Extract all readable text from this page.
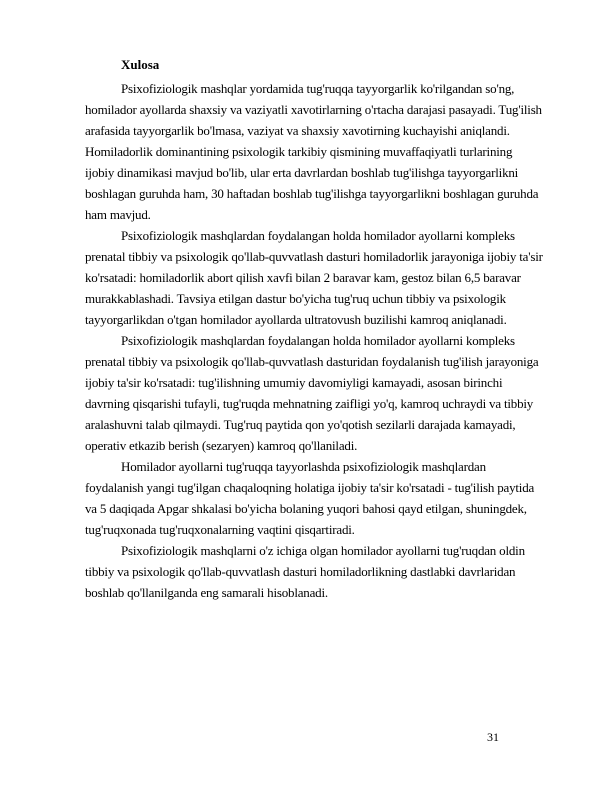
Xulosa

Psixofiziologik mashqlar yordamida tug'ruqqa tayyorgarlik ko'rilgandan so'ng, homilador ayollarda shaxsiy va vaziyatli xavotirlarning o'rtacha darajasi pasayadi. Tug'ilish arafasida tayyorgarlik bo'lmasa, vaziyat va shaxsiy xavotirning kuchayishi aniqlandi. Homiladorlik dominantining psixologik tarkibiy qismining muvaffaqiyatli turlarining ijobiy dinamikasi mavjud bo'lib, ular erta davrlardan boshlab tug'ilishga tayyorgarlikni boshlagan guruhda ham, 30 haftadan boshlab tug'ilishga tayyorgarlikni boshlagan guruhda ham mavjud.

Psixofiziologik mashqlardan foydalangan holda homilador ayollarni kompleks prenatal tibbiy va psixologik qo'llab-quvvatlash dasturi homiladorlik jarayoniga ijobiy ta'sir ko'rsatadi: homiladorlik abort qilish xavfi bilan 2 baravar kam, gestoz bilan 6,5 baravar murakkablashadi. Tavsiya etilgan dastur bo'yicha tug'ruq uchun tibbiy va psixologik tayyorgarlikdan o'tgan homilador ayollarda ultratovush buzilishi kamroq aniqlanadi.

Psixofiziologik mashqlardan foydalangan holda homilador ayollarni kompleks prenatal tibbiy va psixologik qo'llab-quvvatlash dasturidan foydalanish tug'ilish jarayoniga ijobiy ta'sir ko'rsatadi: tug'ilishning umumiy davomiyligi kamayadi, asosan birinchi davrning qisqarishi tufayli, tug'ruqda mehnatning zaifligi yo'q, kamroq uchraydi va tibbiy aralashuvni talab qilmaydi. Tug'ruq paytida qon yo'qotish sezilarli darajada kamayadi, operativ etkazib berish (sezaryen) kamroq qo'llaniladi.

Homilador ayollarni tug'ruqqa tayyorlashda psixofiziologik mashqlardan foydalanish yangi tug'ilgan chaqaloqning holatiga ijobiy ta'sir ko'rsatadi - tug'ilish paytida va 5 daqiqada Apgar shkalasi bo'yicha bolaning yuqori bahosi qayd etilgan, shuningdek, tug'ruqxonada tug'ruqxonalarning vaqtini qisqartiradi.

Psixofiziologik mashqlarni o'z ichiga olgan homilador ayollarni tug'ruqdan oldin tibbiy va psixologik qo'llab-quvvatlash dasturi homiladorlikning dastlabki davrlaridan boshlab qo'llanilganda eng samarali hisoblanadi.

31
